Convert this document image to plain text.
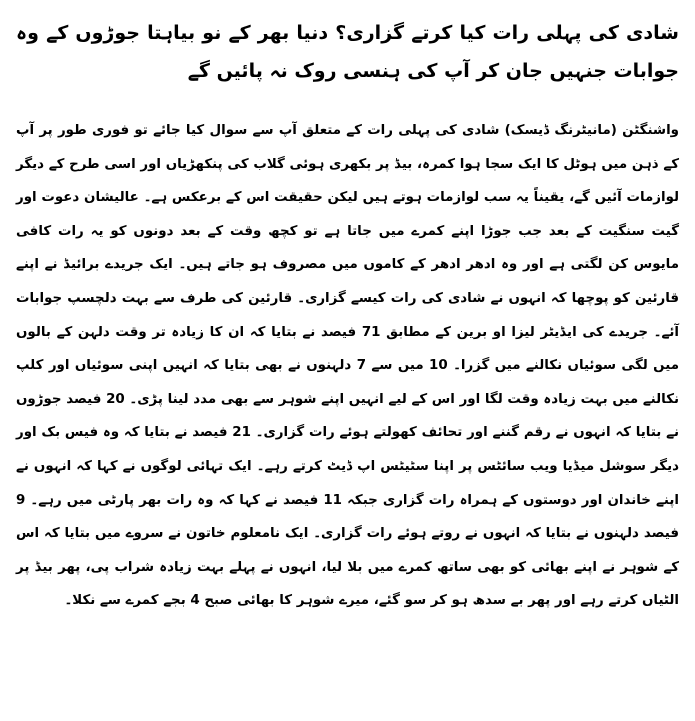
شادی کی پہلی رات کیا کرتے گزاری؟ دنیا بھر کے نو بیاہتا جوڑوں کے وہ جوابات جنہیں جان کر آپ کی ہنسی روک نہ پائیں گے

واشنگٹن (مانیٹرنگ ڈیسک) شادی کی پہلی رات کے متعلق آپ سے سوال کیا جائے تو فوری طور پر آپ کے ذہن میں ہوٹل کا ایک سجا ہوا کمرہ، بیڈ پر بکھری ہوئی گلاب کی پنکھڑیاں اور اسی طرح کے دیگر لوازمات آئیں گے، یقیناً یہ سب لوازمات ہوتے ہیں لیکن حقیقت اس کے برعکس ہے۔ عالیشان دعوت اور گیت سنگیت کے بعد جب جوڑا اپنے کمرے میں جاتا ہے تو کچھ وقت کے بعد دونوں کو یہ رات کافی مایوس کن لگتی ہے اور وہ ادھر ادھر کے کاموں میں مصروف ہو جاتے ہیں۔ ایک جریدے برائیڈ نے اپنے قارئین کو پوچھا کہ انہوں نے شادی کی رات کیسے گزاری۔ قارئین کی طرف سے بہت دلچسپ جوابات آئے۔ جریدے کی ایڈیٹر لیزا او برین کے مطابق 71 فیصد نے بتایا کہ ان کا زیادہ تر وقت دلہن کے بالوں میں لگی سوئیاں نکالنے میں گزرا۔ 10 میں سے 7 دلہنوں نے بھی بتایا کہ انہیں اپنی سوئیاں اور کلپ نکالنے میں بہت زیادہ وقت لگا اور اس کے لیے انہیں اپنے شوہر سے بھی مدد لینا پڑی۔ 20 فیصد جوڑوں نے بتایا کہ انہوں نے رقم گننے اور تحائف کھولتے ہوئے رات گزاری۔ 21 فیصد نے بتایا کہ وہ فیس بک اور دیگر سوشل میڈیا ویب سائٹس پر اپنا سٹیٹس اپ ڈیٹ کرتے رہے۔ ایک تہائی لوگوں نے کہا کہ انہوں نے اپنے خاندان اور دوستوں کے ہمراہ رات گزاری جبکہ 11 فیصد نے کہا کہ وہ رات بھر پارٹی میں رہے۔ 9 فیصد دلہنوں نے بتایا کہ انہوں نے روتے ہوئے رات گزاری۔ ایک نامعلوم خاتون نے سروے میں بتایا کہ اس کے شوہر نے اپنے بھائی کو بھی ساتھ کمرے میں بلا لیا، انہوں نے پہلے بہت زیادہ شراب پی، پھر بیڈ پر الٹیاں کرتے رہے اور پھر بے سدھ ہو کر سو گئے، میرے شوہر کا بھائی صبح 4 بجے کمرے سے نکلا۔
